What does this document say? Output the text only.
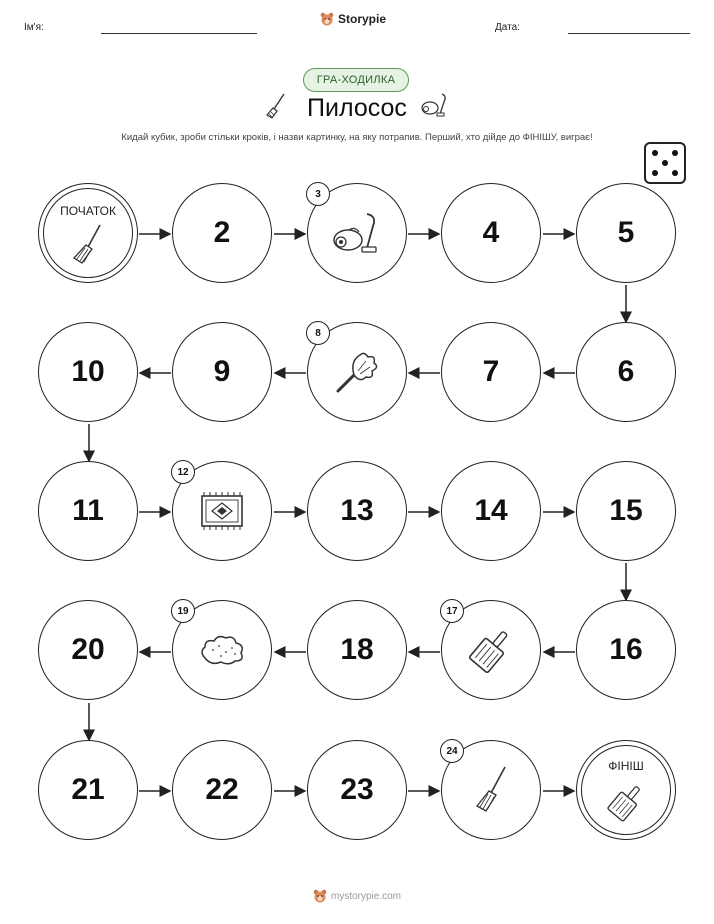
Ім'я:
Storypie
Дата:
ГРА-ХОДИЛКА
Пилосос
Кидай кубик, зроби стільки кроків, і назви картинку, на яку потрапив. Перший, хто дійде до ФІНІШУ, виграє!
ПОЧАТОК
2
3
4	5
10	9
8
7	6
11
12
13	14	15
20
19
18
17
16
21	22	23
24
ФІНІШ
mystorypie.com
